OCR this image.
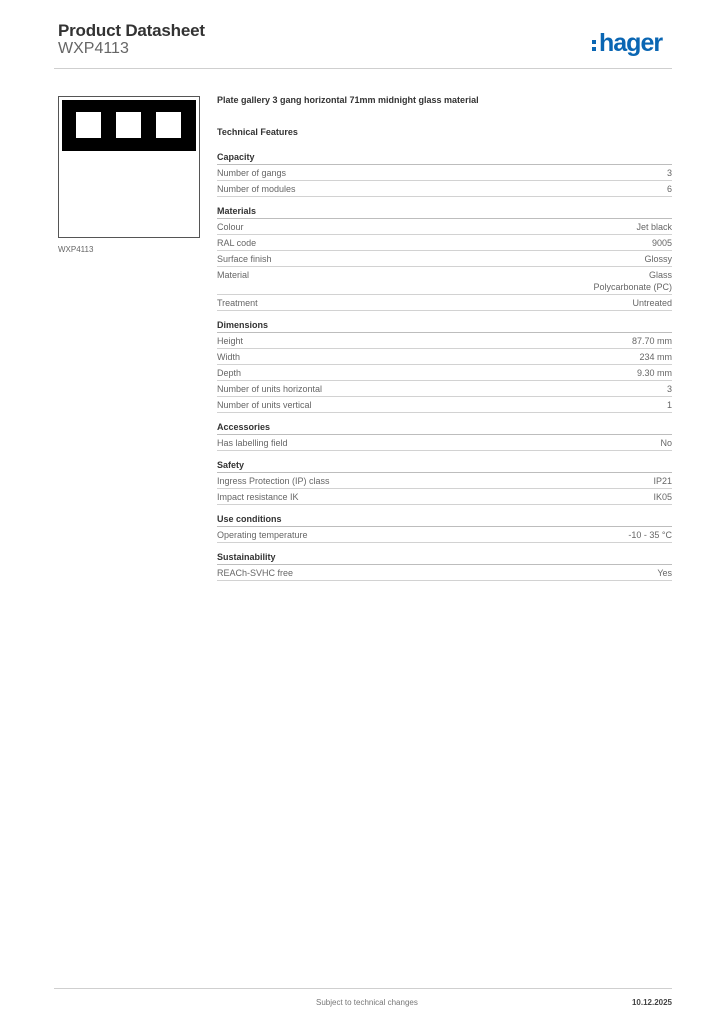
Product Datasheet
WXP4113	hager
WXP4113
Plate gallery 3 gang horizontal 71mm midnight glass material
Technical Features
Capacity
Number of gangs	3
Number of modules	6
Materials
Colour	Jet black
RAL code	9005
Surface finish	Glossy
Material	Glass
Polycarbonate (PC)
Treatment	Untreated
Dimensions
Height	87.70 mm
Width	234 mm
Depth	9.30 mm
Number of units horizontal	3
Number of units vertical	1
Accessories
Has labelling field	No
Safety
Ingress Protection (IP) class	IP21
Impact resistance IK	IK05
Use conditions
Operating temperature	-10 - 35 °C
Sustainability
REACh-SVHC free	Yes
Subject to technical changes	10.12.2025
